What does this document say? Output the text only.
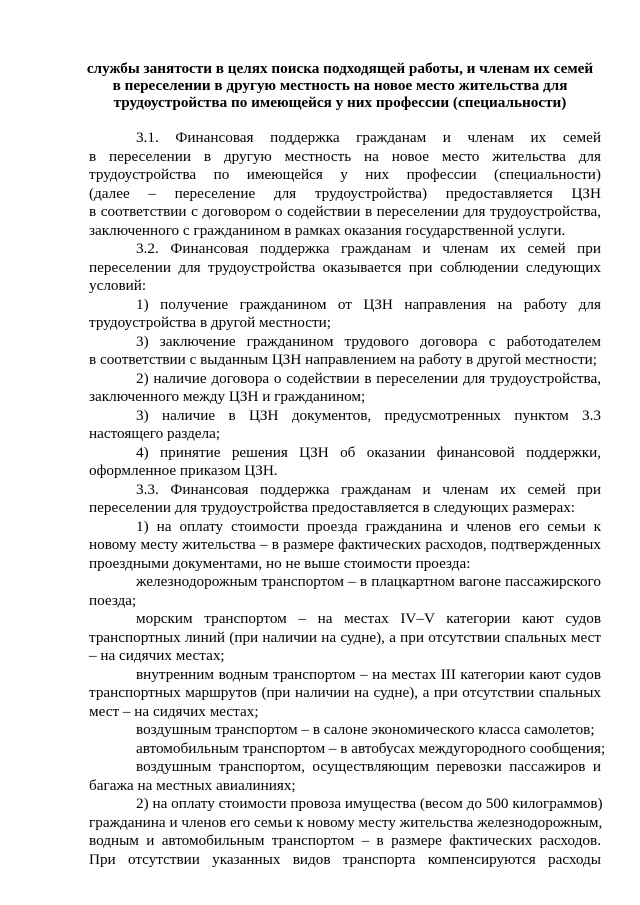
службы занятости в целях поиска подходящей работы, и членам их семей
в переселении в другую местность на новое место жительства для
трудоустройства по имеющейся у них профессии (специальности)
3.1. Финансовая поддержка гражданам и членам их семей
в переселении в другую местность на новое место жительства для
трудоустройства по имеющейся у них профессии (специальности)
(далее – переселение для трудоустройства) предоставляется ЦЗН
в соответствии с договором о содействии в переселении для трудоустройства,
заключенного с гражданином в рамках оказания государственной услуги.
3.2. Финансовая поддержка гражданам и членам их семей при
переселении для трудоустройства оказывается при соблюдении следующих
условий:
1) получение гражданином от ЦЗН направления на работу для
трудоустройства в другой местности;
3) заключение гражданином трудового договора с работодателем
в соответствии с выданным ЦЗН направлением на работу в другой местности;
2) наличие договора о содействии в переселении для трудоустройства,
заключенного между ЦЗН и гражданином;
3) наличие в ЦЗН документов, предусмотренных пунктом 3.3
настоящего раздела;
4) принятие решения ЦЗН об оказании финансовой поддержки,
оформленное приказом ЦЗН.
3.3. Финансовая поддержка гражданам и членам их семей при
переселении для трудоустройства предоставляется в следующих размерах:
1) на оплату стоимости проезда гражданина и членов его семьи к
новому месту жительства – в размере фактических расходов, подтвержденных
проездными документами, но не выше стоимости проезда:
железнодорожным транспортом – в плацкартном вагоне пассажирского
поезда;
морским транспортом – на местах IV–V категории кают судов
транспортных линий (при наличии на судне), а при отсутствии спальных мест
– на сидячих местах;
внутренним водным транспортом – на местах III категории кают судов
транспортных маршрутов (при наличии на судне), а при отсутствии спальных
мест – на сидячих местах;
воздушным транспортом – в салоне экономического класса самолетов;
автомобильным транспортом – в автобусах междугородного сообщения;
воздушным транспортом, осуществляющим перевозки пассажиров и
багажа на местных авиалиниях;
2) на оплату стоимости провоза имущества (весом до 500 килограммов)
гражданина и членов его семьи к новому месту жительства железнодорожным,
водным и автомобильным транспортом – в размере фактических расходов.
При отсутствии указанных видов транспорта компенсируются расходы
